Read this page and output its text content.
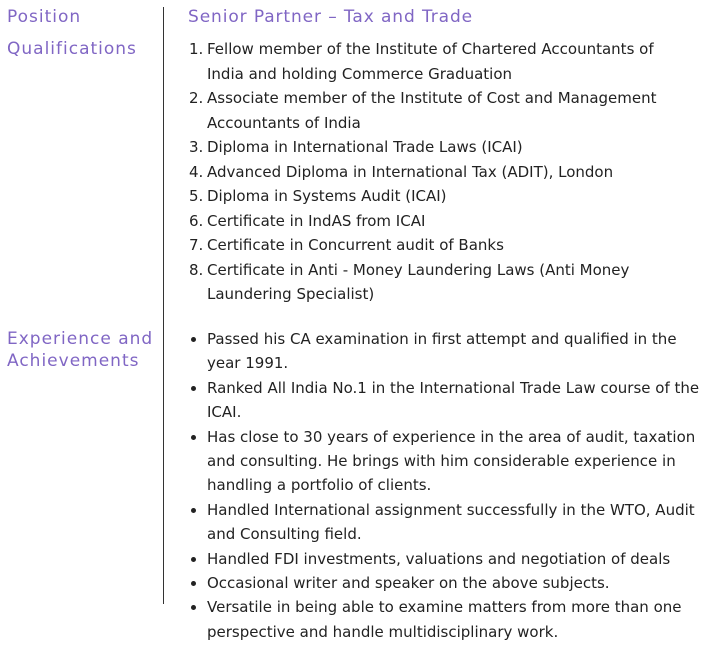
Position	Senior Partner – Tax and Trade
Qualifications	Fellow member of the Institute of Chartered Accountants of India and holding Commerce Graduation
Associate member of the Institute of Cost and Management Accountants of India
Diploma in International Trade Laws (ICAI)
Advanced Diploma in International Tax (ADIT), London
Diploma in Systems Audit (ICAI)
Certificate in IndAS from ICAI
Certificate in Concurrent audit of Banks
Certificate in Anti - Money Laundering Laws (Anti Money Laundering Specialist)
Experience and
Achievements
Passed his CA examination in first attempt and qualified in the year 1991.
Ranked All India No.1 in the International Trade Law course of the ICAI.
Has close to 30 years of experience in the area of audit, taxation and consulting. He brings with him considerable experience in handling a portfolio of clients.
Handled International assignment successfully in the WTO, Audit and Consulting field.
Handled FDI investments, valuations and negotiation of deals
Occasional writer and speaker on the above subjects.
Versatile in being able to examine matters from more than one perspective and handle multidisciplinary work.
